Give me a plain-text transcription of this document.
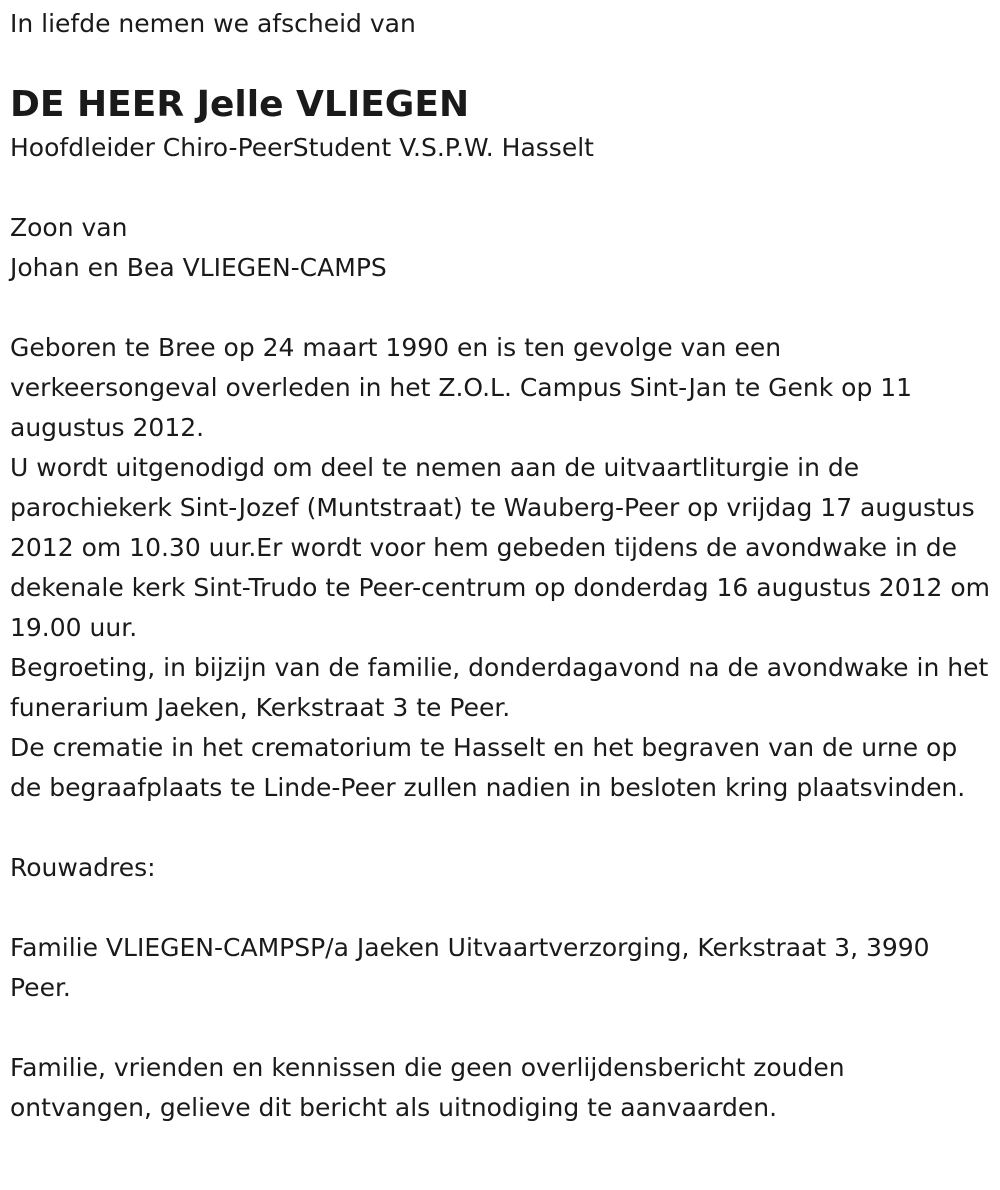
In liefde nemen we afscheid van

DE HEER Jelle VLIEGEN

Hoofdleider Chiro-PeerStudent V.S.P.W. Hasselt

Zoon van

Johan en Bea VLIEGEN-CAMPS

Geboren te Bree op 24 maart 1990 en is ten gevolge van een verkeersongeval overleden in het Z.O.L. Campus Sint-Jan te Genk op 11 augustus 2012.

U wordt uitgenodigd om deel te nemen aan de uitvaartliturgie in de parochiekerk Sint-Jozef (Muntstraat) te Wauberg-Peer op vrijdag 17 augustus 2012 om 10.30 uur.Er wordt voor hem gebeden tijdens de avondwake in de dekenale kerk Sint-Trudo te Peer-centrum op donderdag 16 augustus 2012 om 19.00 uur.

Begroeting, in bijzijn van de familie, donderdagavond na de avondwake in het funerarium Jaeken, Kerkstraat 3 te Peer.

De crematie in het crematorium te Hasselt en het begraven van de urne op de begraafplaats te Linde-Peer zullen nadien in besloten kring plaatsvinden.

Rouwadres:

Familie VLIEGEN-CAMPSP/a Jaeken Uitvaartverzorging, Kerkstraat 3, 3990 Peer.

Familie, vrienden en kennissen die geen overlijdensbericht zouden ontvangen, gelieve dit bericht als uitnodiging te aanvaarden.
